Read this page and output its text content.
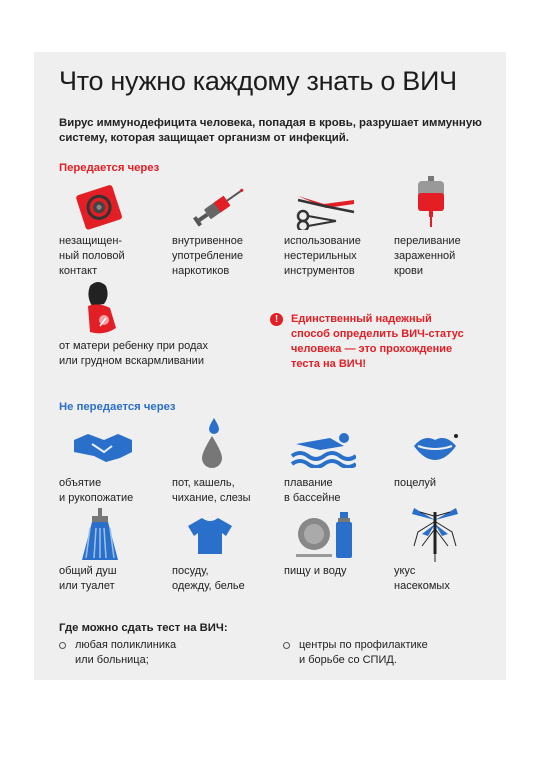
Что нужно каждому знать о ВИЧ

Вирус иммунодефицита человека, попадая в кровь, разрушает иммунную систему, которая защищает организм от инфекций.

Передается через

незащищен-
ный половой
контакт

внутривенное
употребление
наркотиков

использование
нестерильных
инструментов

переливание
зараженной
крови

от матери ребенку при родах
или грудном вскармливании

!	Единственный надежный
способ определить ВИЧ-статус
человека — это прохождение
теста на ВИЧ!

Не передается через

объятие
и рукопожатие

пот, кашель,
чихание, слезы

плавание
в бассейне

поцелуй

общий душ
или туалет

посуду,
одежду, белье

пищу и воду	укус
насекомых

Где можно сдать тест на ВИЧ:

любая поликлиника
или больница;

центры по профилактике
и борьбе со СПИД.
